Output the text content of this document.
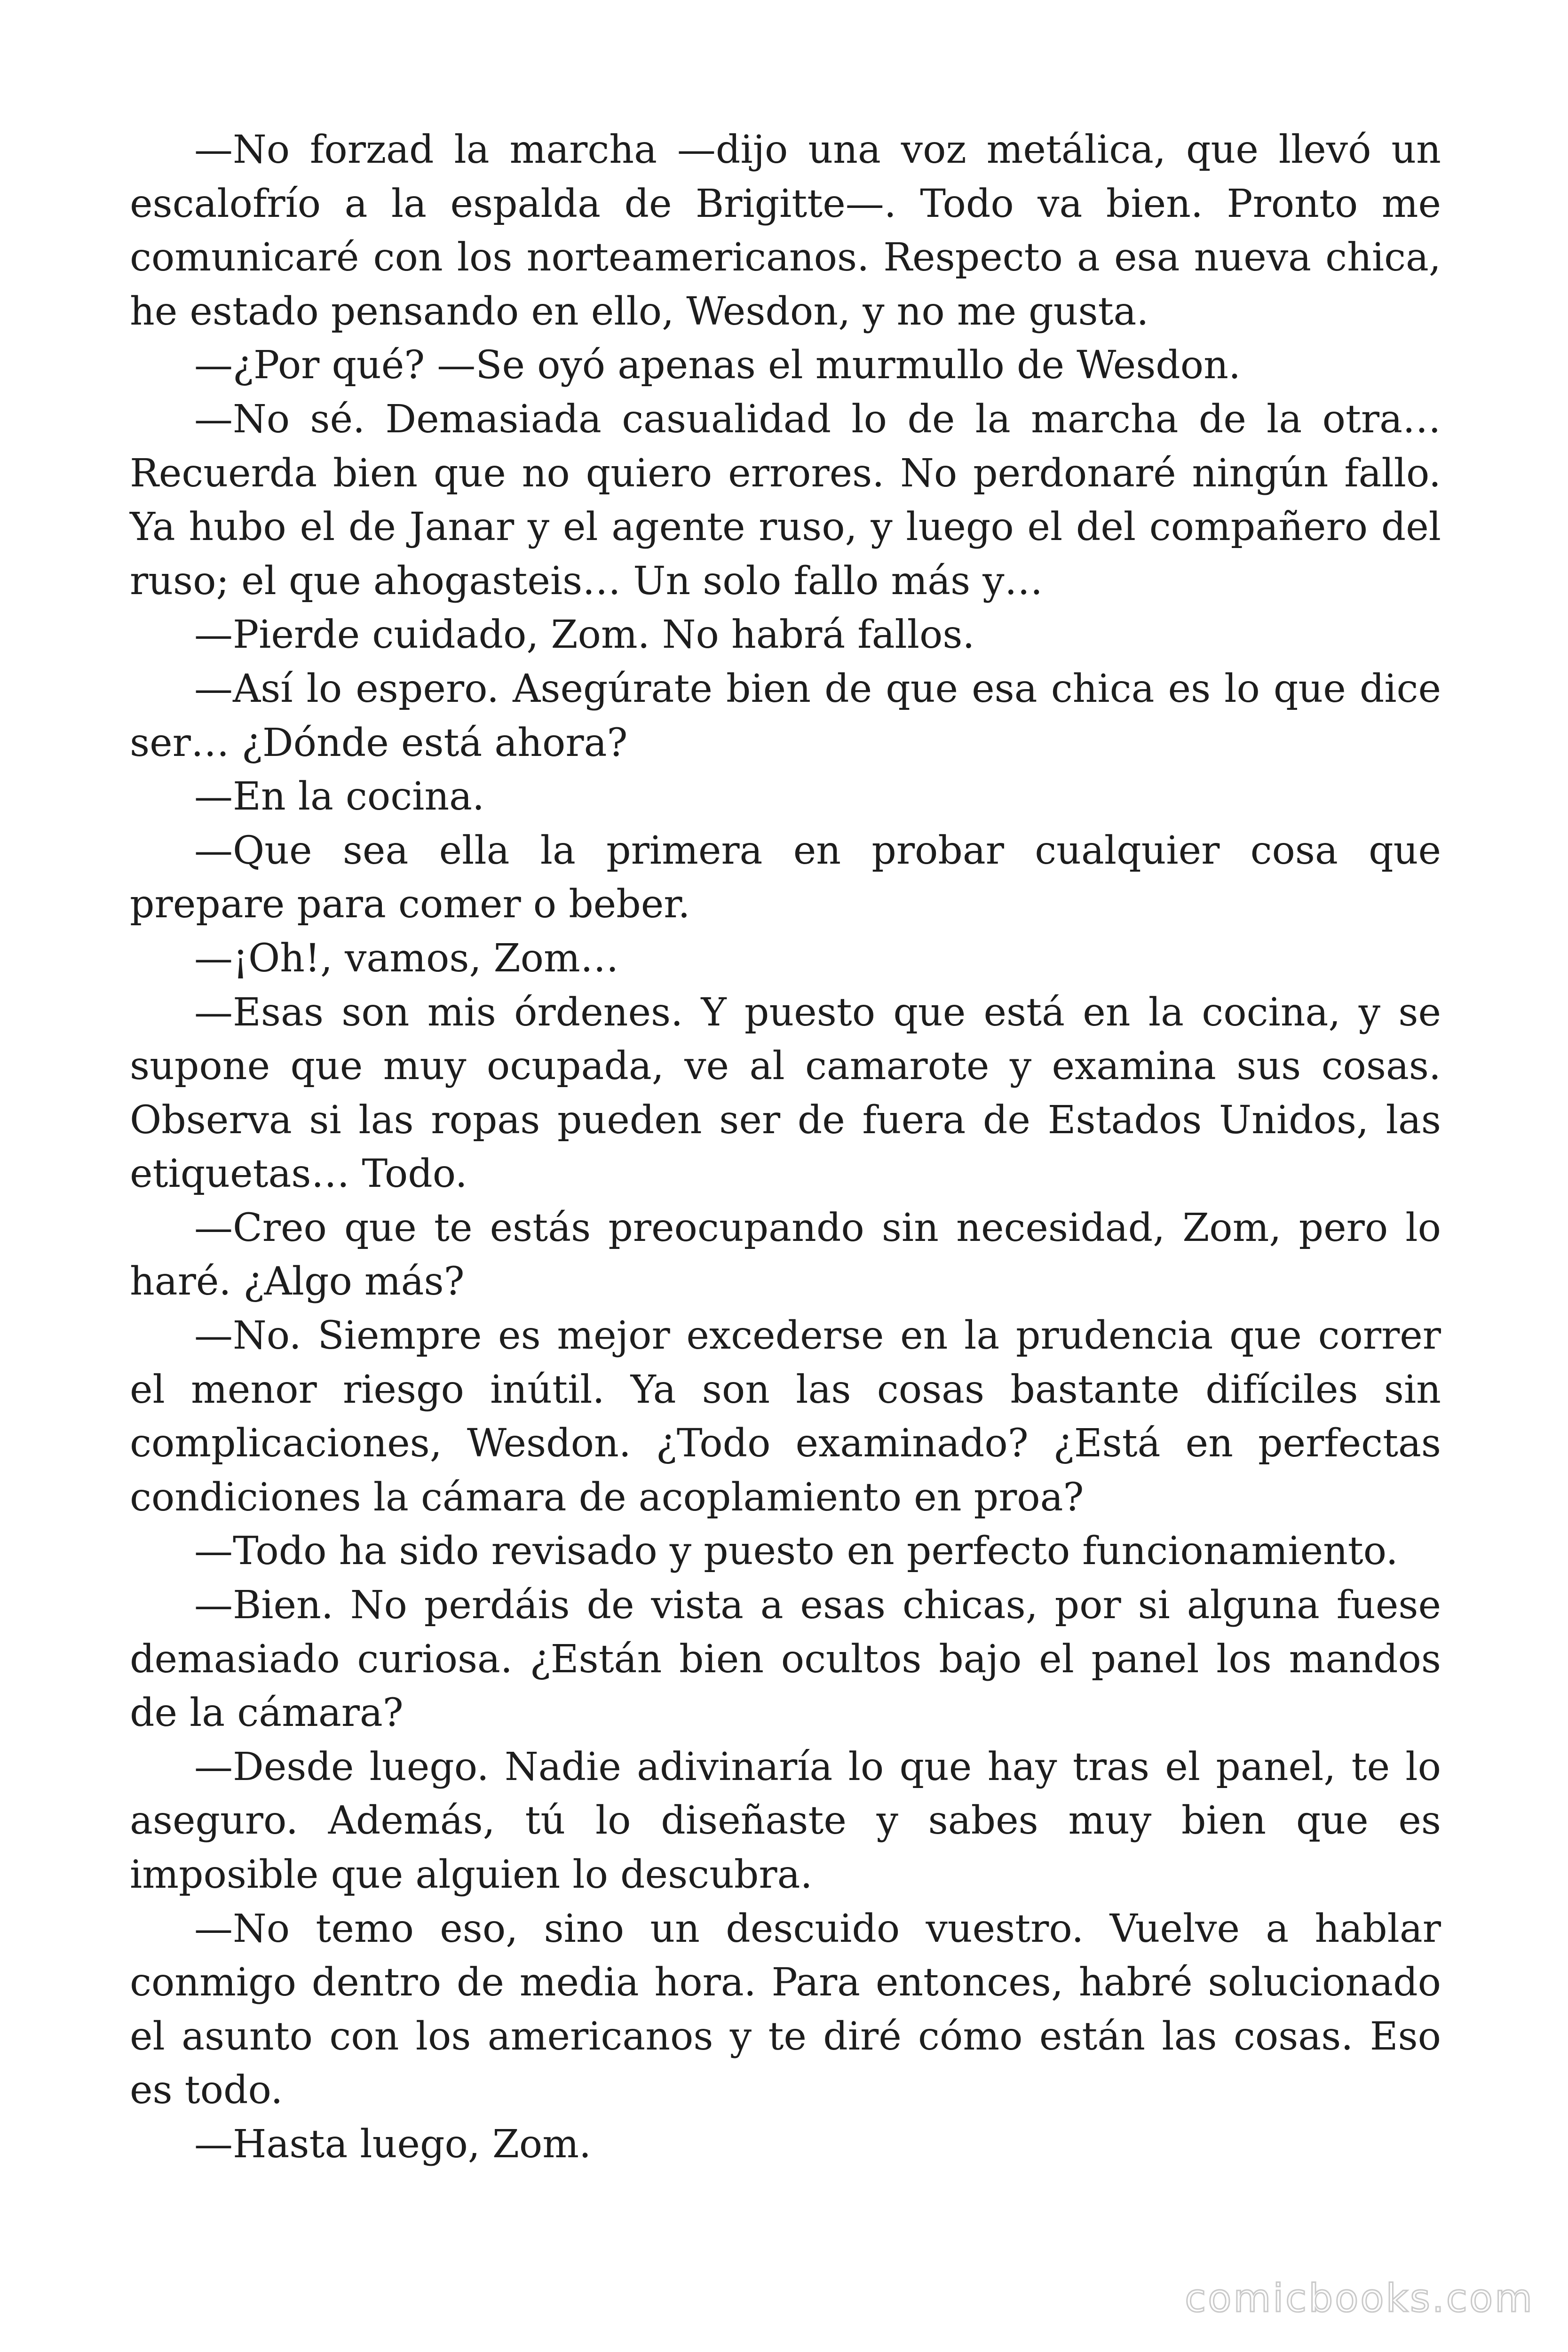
—No forzad la marcha —dijo una voz metálica, que llevó un escalofrío a la espalda de Brigitte—. Todo va bien. Pronto me comunicaré con los norteamericanos. Respecto a esa nueva chica, he estado pensando en ello, Wesdon, y no me gusta.

—¿Por qué? —Se oyó apenas el murmullo de Wesdon.

—No sé. Demasiada casualidad lo de la marcha de la otra… Recuerda bien que no quiero errores. No perdonaré ningún fallo. Ya hubo el de Janar y el agente ruso, y luego el del compañero del ruso; el que ahogasteis… Un solo fallo más y…

—Pierde cuidado, Zom. No habrá fallos.

—Así lo espero. Asegúrate bien de que esa chica es lo que dice ser… ¿Dónde está ahora?

—En la cocina.

—Que sea ella la primera en probar cualquier cosa que prepare para comer o beber.

—¡Oh!, vamos, Zom…

—Esas son mis órdenes. Y puesto que está en la cocina, y se supone que muy ocupada, ve al camarote y examina sus cosas. Observa si las ropas pueden ser de fuera de Estados Unidos, las etiquetas… Todo.

—Creo que te estás preocupando sin necesidad, Zom, pero lo haré. ¿Algo más?

—No. Siempre es mejor excederse en la prudencia que correr el menor riesgo inútil. Ya son las cosas bastante difíciles sin complicaciones, Wesdon. ¿Todo examinado? ¿Está en perfectas condiciones la cámara de acoplamiento en proa?

—Todo ha sido revisado y puesto en perfecto funcionamiento.

—Bien. No perdáis de vista a esas chicas, por si alguna fuese demasiado curiosa. ¿Están bien ocultos bajo el panel los mandos de la cámara?

—Desde luego. Nadie adivinaría lo que hay tras el panel, te lo aseguro. Además, tú lo diseñaste y sabes muy bien que es imposible que alguien lo descubra.

—No temo eso, sino un descuido vuestro. Vuelve a hablar conmigo dentro de media hora. Para entonces, habré solucionado el asunto con los americanos y te diré cómo están las cosas. Eso es todo.

—Hasta luego, Zom.

comicbooks.com
